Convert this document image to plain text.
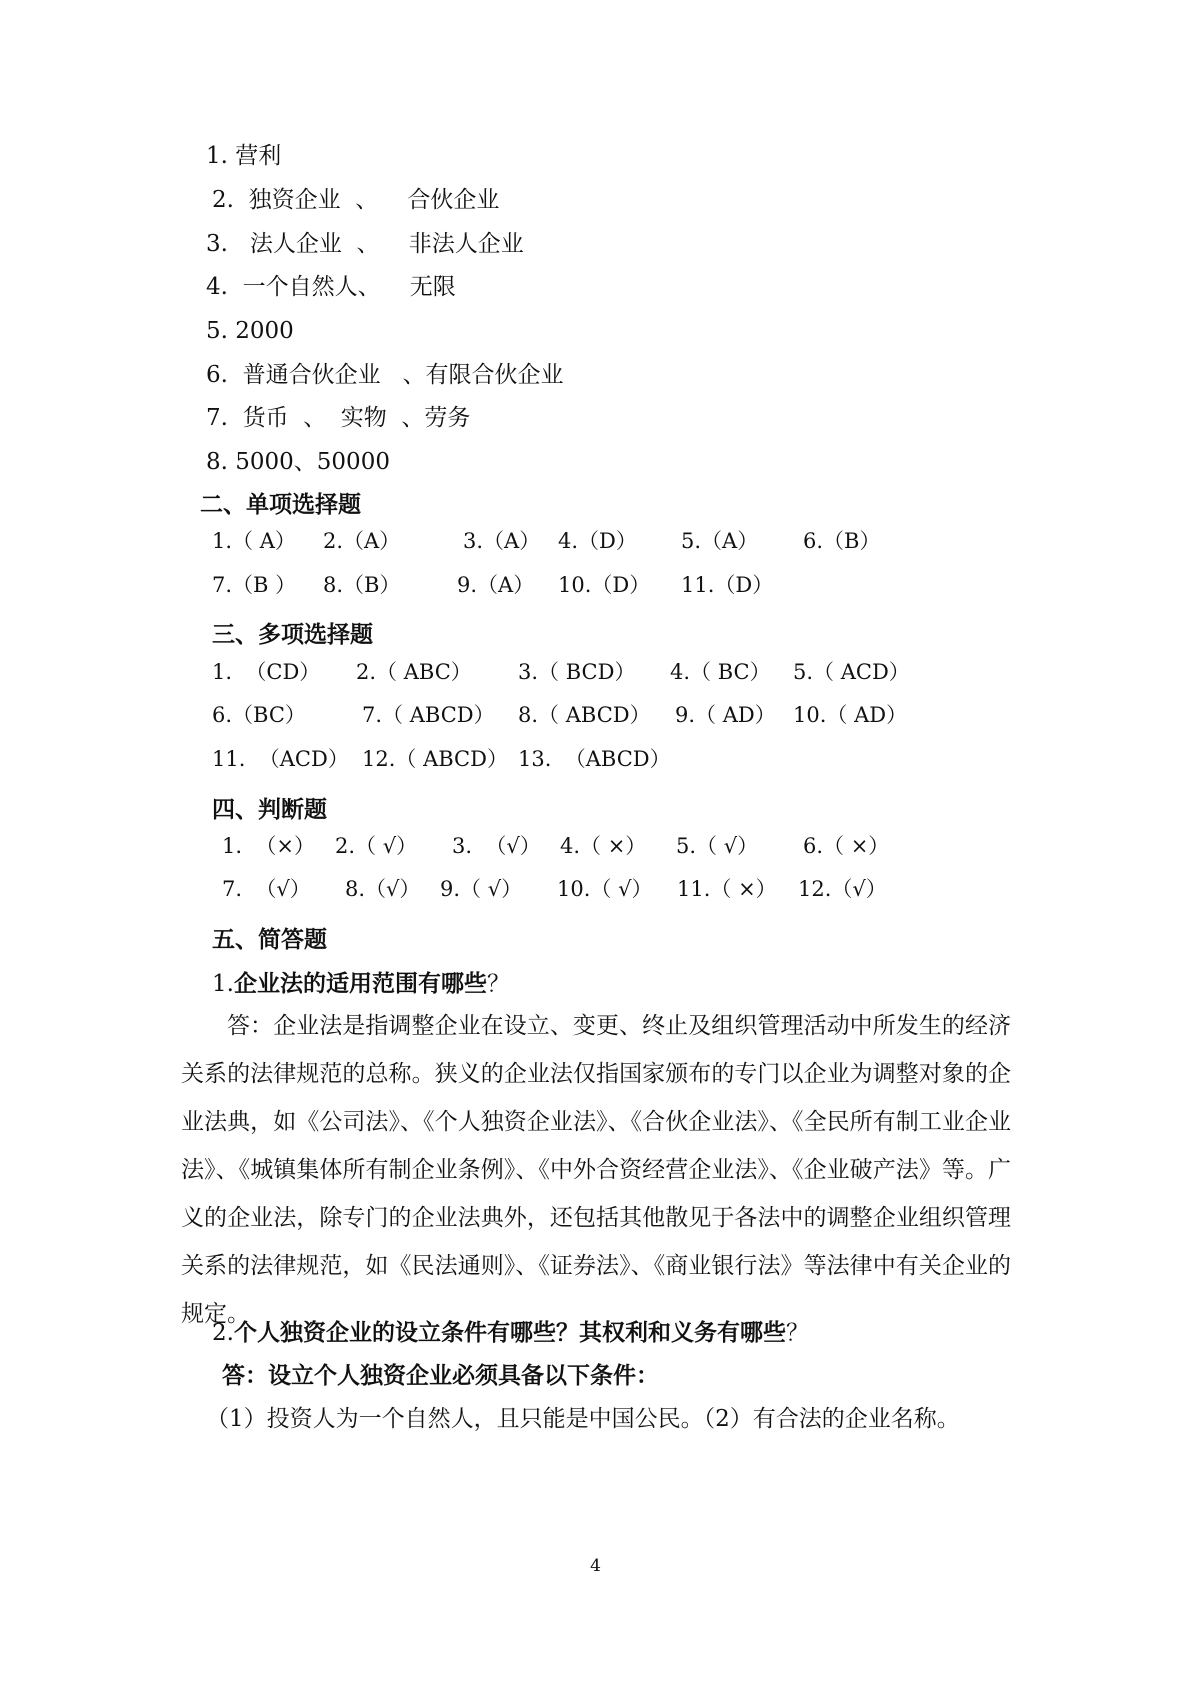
1. 营利
2.  独资企业  、    合伙企业
3.   法人企业  、    非法人企业
4.  一个自然人、    无限
5. 2000
6.  普通合伙企业   、有限合伙企业
7.  货币  、  实物  、劳务
8. 5000、50000
二、单项选择题
1.（ A） 2.（A）	3.（A） 4.（D） 5.（A） 6.（B）
7.（B ） 8.（B）	9.（A） 10.（D） 11.（D）
三、多项选择题
1.  （CD） 2.（ ABC） 3.（ BCD） 4.（ BC） 5.（ ACD）
6.（BC）	7.（ ABCD） 8.（ ABCD） 9.（ AD） 10.（ AD）
11.  （ACD） 12.（ ABCD） 13.  （ABCD）
四、判断题
1.  （×） 2.（ √） 3.  （√） 4.（ ×） 5.（ √） 6.（ ×）
7.  （√） 8.（√） 9.（ √） 10.（ √） 11.（ ×） 12.（√）
五、简答题
1.企业法的适用范围有哪些？
答：企业法是指调整企业在设立、变更、终止及组织管理活动中所发生的经济关系的法律规范的总称。狭义的企业法仅指国家颁布的专门以企业为调整对象的企业法典，如《公司法》、《个人独资企业法》、《合伙企业法》、《全民所有制工业企业法》、《城镇集体所有制企业条例》、《中外合资经营企业法》、《企业破产法》等。广义的企业法，除专门的企业法典外，还包括其他散见于各法中的调整企业组织管理关系的法律规范，如《民法通则》、《证券法》、《商业银行法》等法律中有关企业的规定。
2.个人独资企业的设立条件有哪些？其权利和义务有哪些？
答：设立个人独资企业必须具备以下条件：
（1）投资人为一个自然人，且只能是中国公民。（2）有合法的企业名称。
4
